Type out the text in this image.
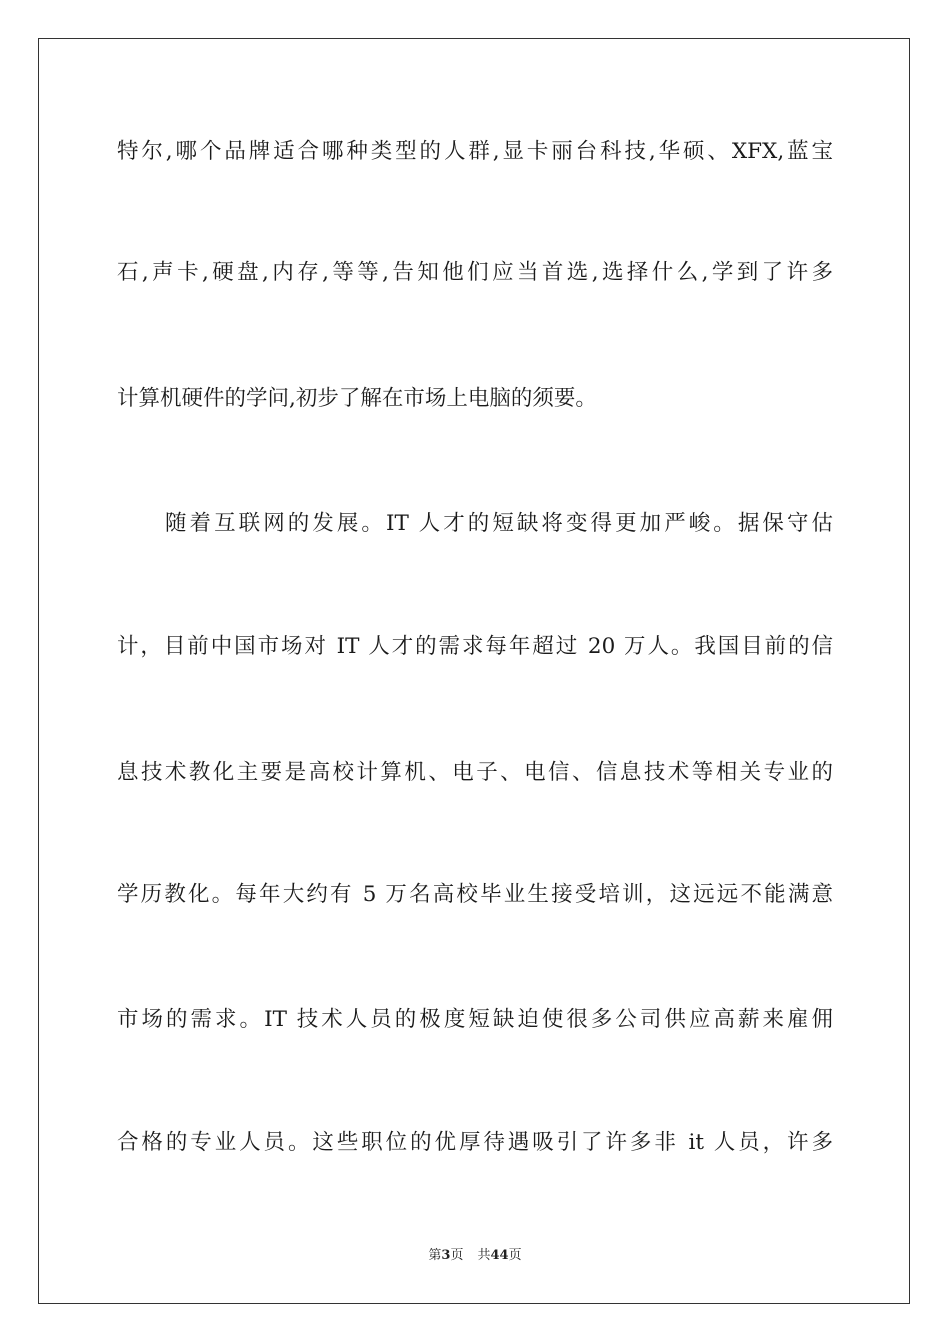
特尔,哪个品牌适合哪种类型的人群,显卡丽台科技,华硕、XFX,蓝宝
石,声卡,硬盘,内存,等等,告知他们应当首选,选择什么,学到了许多
计算机硬件的学问,初步了解在市场上电脑的须要。
随着互联网的发展。IT 人才的短缺将变得更加严峻。据保守估
计，目前中国市场对 IT 人才的需求每年超过 20 万人。我国目前的信
息技术教化主要是高校计算机、电子、电信、信息技术等相关专业的
学历教化。每年大约有 5 万名高校毕业生接受培训，这远远不能满意
市场的需求。IT 技术人员的极度短缺迫使很多公司供应高薪来雇佣
合格的专业人员。这些职位的优厚待遇吸引了许多非 it 人员，许多
第3页 共44页
